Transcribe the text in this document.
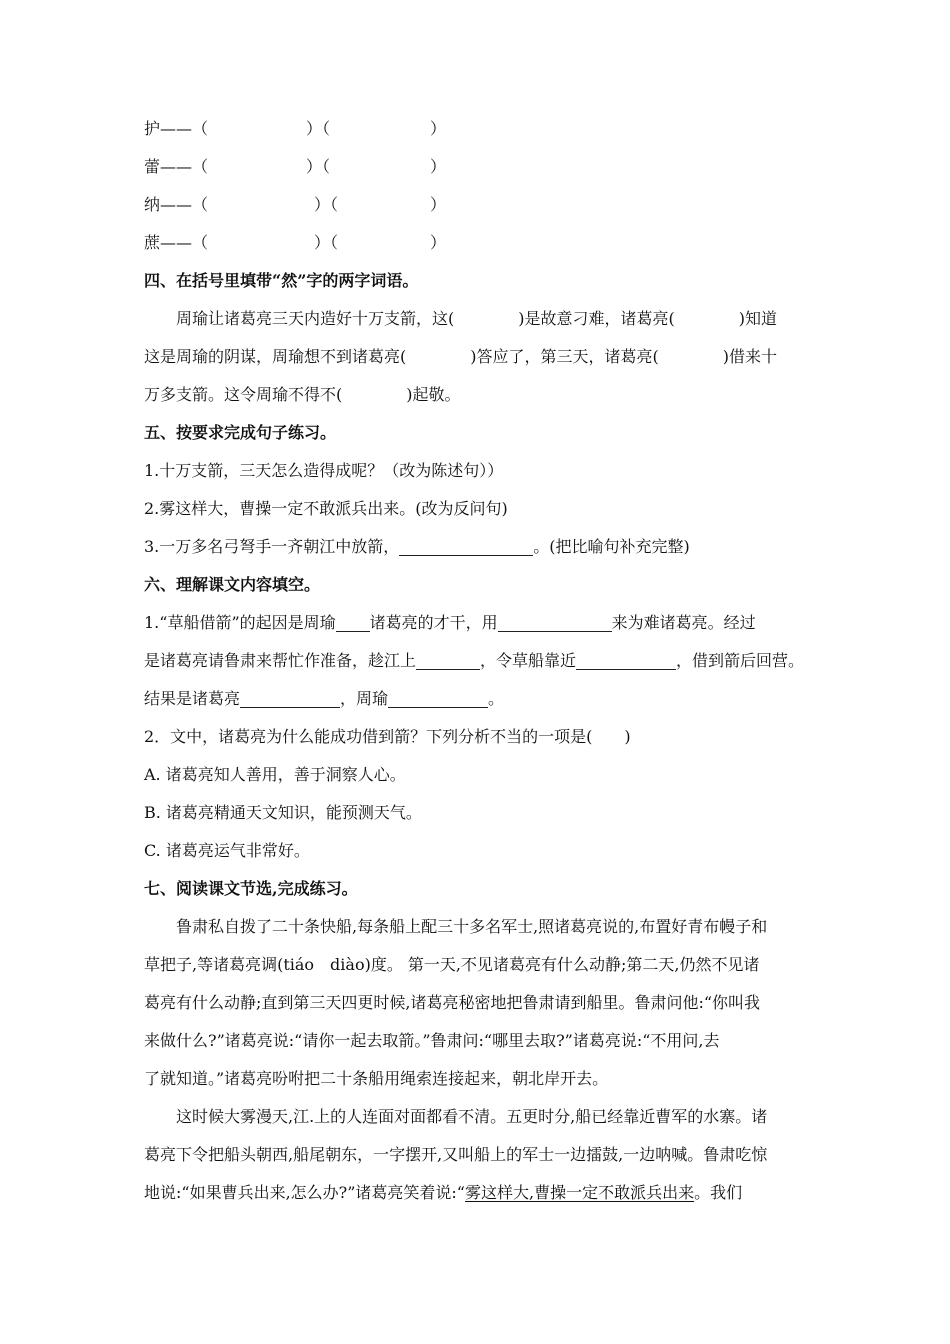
护——（	）（	）
蕾——（	）（	）
纳——（	）（	）
蔗——（	）（	）
四、在括号里填带“然”字的两字词语。
周瑜让诸葛亮三天内造好十万支箭，这(	)是故意刁难，诸葛亮(	)知道
这是周瑜的阴谋，周瑜想不到诸葛亮(	)答应了，第三天，诸葛亮(	)借来十
万多支箭。这令周瑜不得不(	)起敬。
五、按要求完成句子练习。
1.十万支箭，三天怎么造得成呢？（改为陈述句））
2.雾这样大，曹操一定不敢派兵出来。(改为反问句)
3.一万多名弓弩手一齐朝江中放箭，	。(把比喻句补充完整)
六、理解课文内容填空。
1.“草船借箭”的起因是周瑜 诸葛亮的才干，用	来为难诸葛亮。经过
是诸葛亮请鲁肃来帮忙作准备，趁江上	，令草船靠近	，借到箭后回营。
结果是诸葛亮	，周瑜	。
2．文中，诸葛亮为什么能成功借到箭？下列分析不当的一项是(　　)
A. 诸葛亮知人善用，善于洞察人心。
B. 诸葛亮精通天文知识，能预测天气。
C. 诸葛亮运气非常好。
七、阅读课文节选,完成练习。
鲁肃私自拨了二十条快船,每条船上配三十多名军士,照诸葛亮说的,布置好青布幔子和
草把子,等诸葛亮调(tiáo　diào)度。 第一天,不见诸葛亮有什么动静;第二天,仍然不见诸
葛亮有什么动静;直到第三天四更时候,诸葛亮秘密地把鲁肃请到船里。鲁肃问他:“你叫我
来做什么?”诸葛亮说:“请你一起去取箭。”鲁肃问:“哪里去取?”诸葛亮说:“不用问,去
了就知道。”诸葛亮吩咐把二十条船用绳索连接起来，朝北岸开去。
这时候大雾漫天,江.上的人连面对面都看不清。五更时分,船已经靠近曹军的水寨。诸
葛亮下令把船头朝西,船尾朝东，一字摆开,又叫船上的军士一边擂鼓,一边呐喊。鲁肃吃惊
地说:“如果曹兵出来,怎么办?”诸葛亮笑着说:“雾这样大,曹操一定不敢派兵出来。我们
